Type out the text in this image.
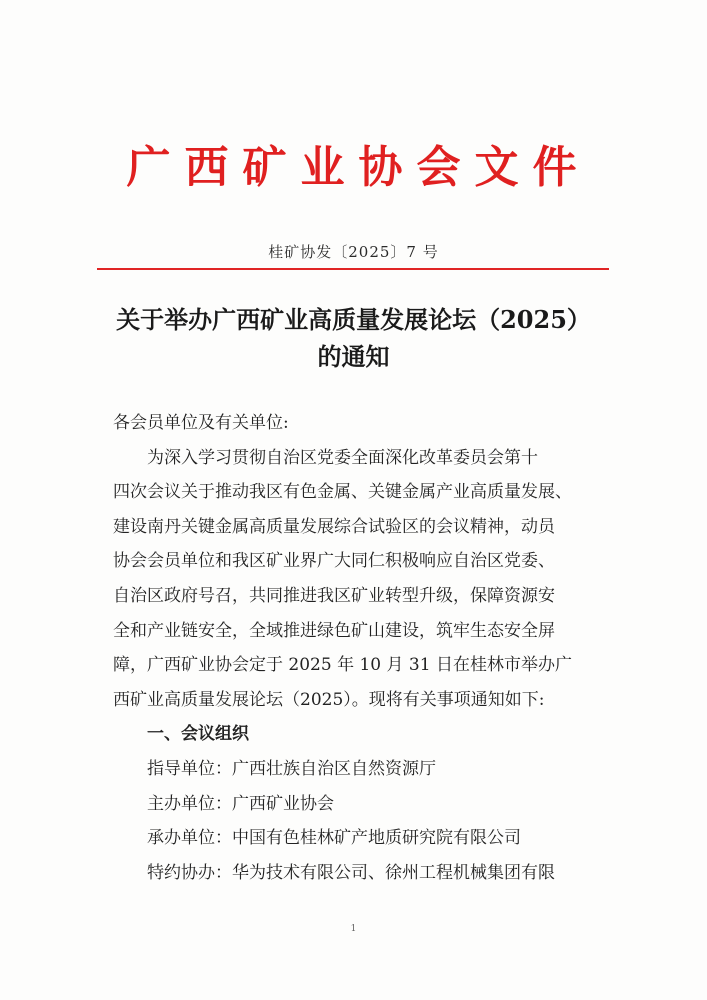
广西矿业协会文件
桂矿协发〔2025〕7 号
关于举办广西矿业高质量发展论坛（2025）
的通知
各会员单位及有关单位:
为深入学习贯彻自治区党委全面深化改革委员会第十
四次会议关于推动我区有色金属、关键金属产业高质量发展、
建设南丹关键金属高质量发展综合试验区的会议精神，动员
协会会员单位和我区矿业界广大同仁积极响应自治区党委、
自治区政府号召，共同推进我区矿业转型升级，保障资源安
全和产业链安全，全域推进绿色矿山建设，筑牢生态安全屏
障，广西矿业协会定于 2025 年 10 月 31 日在桂林市举办广
西矿业高质量发展论坛（2025）。现将有关事项通知如下:
一、会议组织
指导单位：广西壮族自治区自然资源厅
主办单位：广西矿业协会
承办单位：中国有色桂林矿产地质研究院有限公司
特约协办：华为技术有限公司、徐州工程机械集团有限
1
